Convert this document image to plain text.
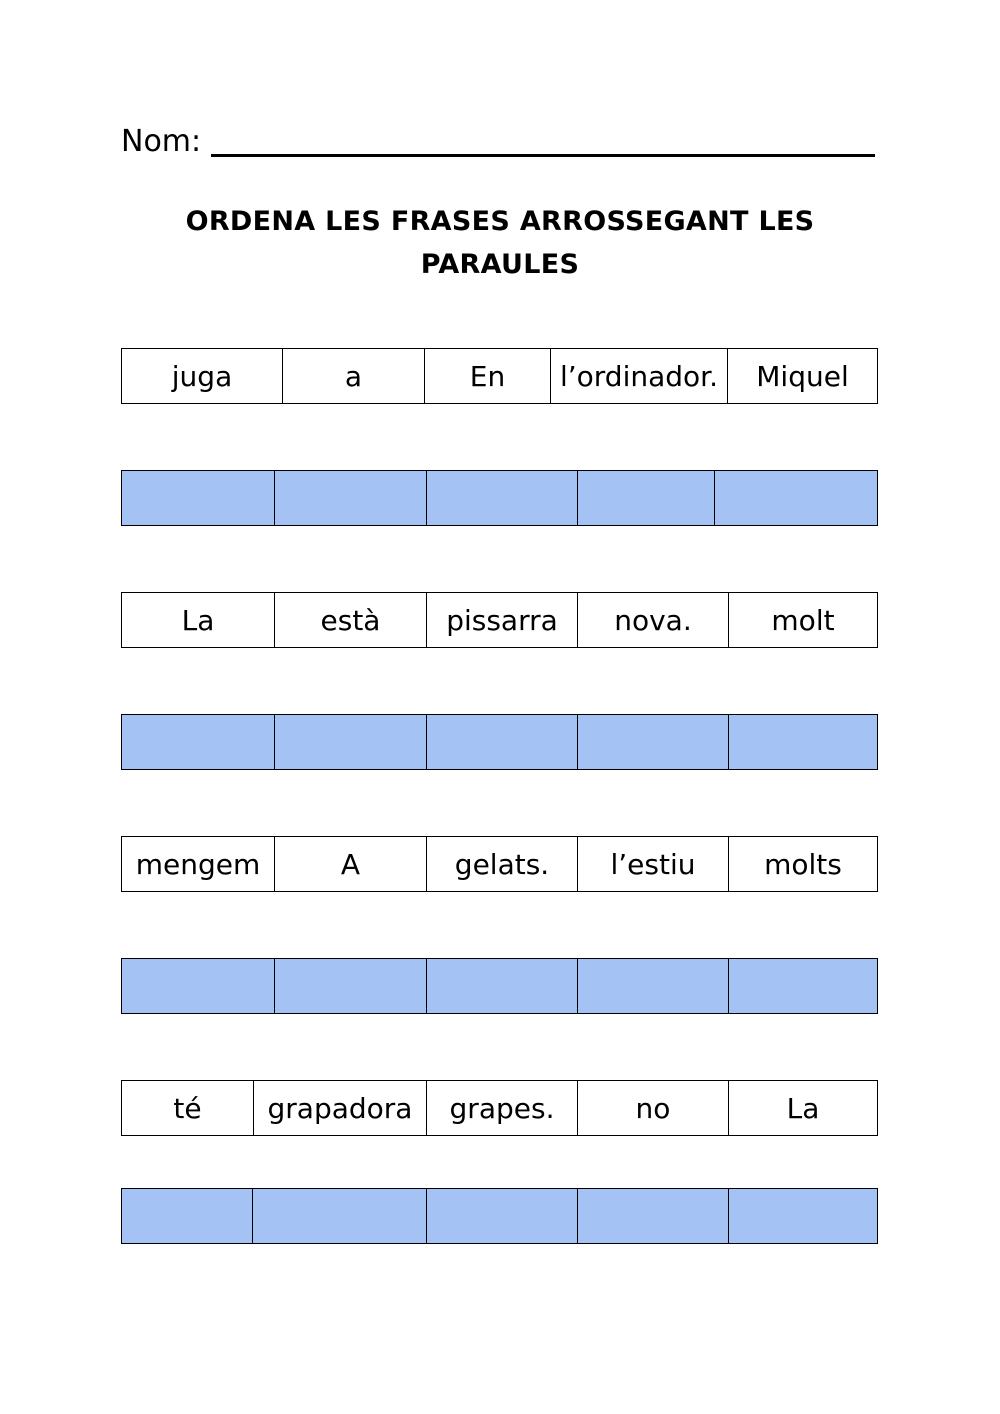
Nom:
ORDENA LES FRASES ARROSSEGANT LES
PARAULES
juga	a	En	l’ordinador.	Miquel
La	està	pissarra	nova.	molt
mengem	A	gelats.	l’estiu	molts
té	grapadora	grapes.	no	La
